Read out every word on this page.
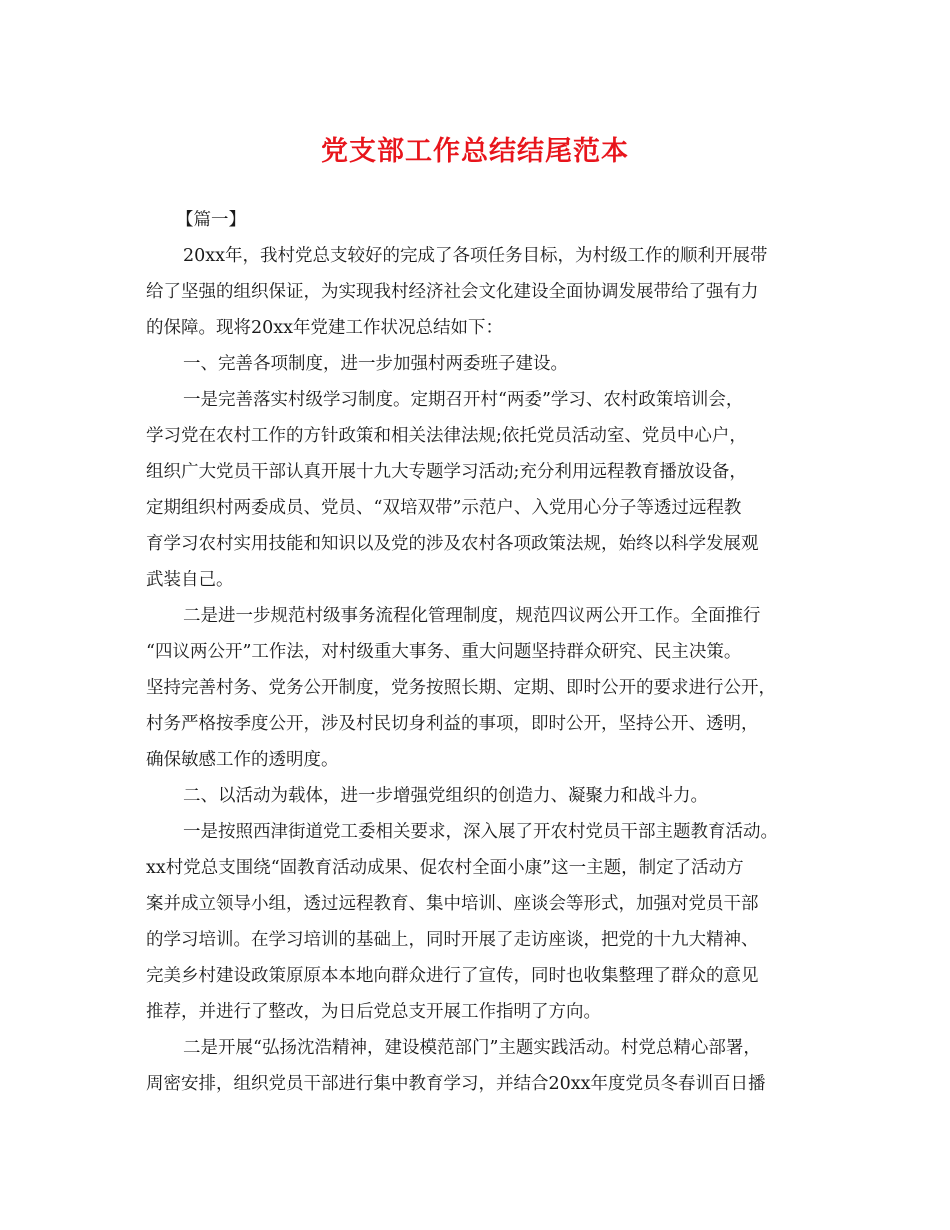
党支部工作总结结尾范本
【篇一】
20xx年，我村党总支较好的完成了各项任务目标，为村级工作的顺利开展带
给了坚强的组织保证，为实现我村经济社会文化建设全面协调发展带给了强有力
的保障。现将20xx年党建工作状况总结如下：
一、完善各项制度，进一步加强村两委班子建设。
一是完善落实村级学习制度。定期召开村“两委”学习、农村政策培训会，
学习党在农村工作的方针政策和相关法律法规;依托党员活动室、党员中心户，
组织广大党员干部认真开展十九大专题学习活动;充分利用远程教育播放设备，
定期组织村两委成员、党员、“双培双带”示范户、入党用心分子等透过远程教
育学习农村实用技能和知识以及党的涉及农村各项政策法规，始终以科学发展观
武装自己。
二是进一步规范村级事务流程化管理制度，规范四议两公开工作。全面推行
“四议两公开”工作法，对村级重大事务、重大问题坚持群众研究、民主决策。
坚持完善村务、党务公开制度，党务按照长期、定期、即时公开的要求进行公开，
村务严格按季度公开，涉及村民切身利益的事项，即时公开，坚持公开、透明，
确保敏感工作的透明度。
二、以活动为载体，进一步增强党组织的创造力、凝聚力和战斗力。
一是按照西津街道党工委相关要求，深入展了开农村党员干部主题教育活动。
xx村党总支围绕“固教育活动成果、促农村全面小康”这一主题，制定了活动方
案并成立领导小组，透过远程教育、集中培训、座谈会等形式，加强对党员干部
的学习培训。在学习培训的基础上，同时开展了走访座谈，把党的十九大精神、
完美乡村建设政策原原本本地向群众进行了宣传，同时也收集整理了群众的意见
推荐，并进行了整改，为日后党总支开展工作指明了方向。
二是开展“弘扬沈浩精神，建设模范部门”主题实践活动。村党总精心部署，
周密安排，组织党员干部进行集中教育学习，并结合20xx年度党员冬春训百日播
